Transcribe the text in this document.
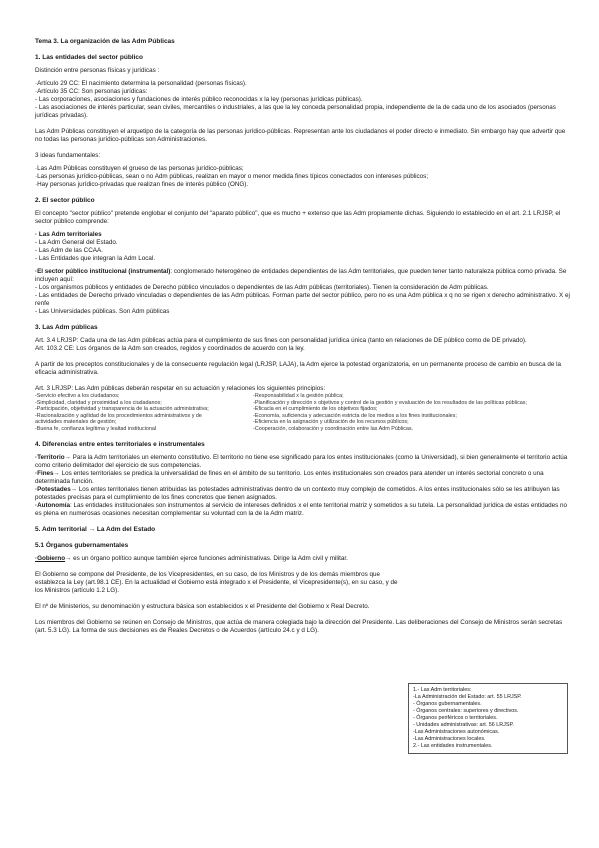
Tema 3. La organización de las Adm Públicas

1. Las entidades del sector público

Distinción entre personas físicas y jurídicas :

·Artículo 29 CC: El nacimiento determina la personalidad (personas físicas).

·Artículo 35 CC: Son personas jurídicas:

- Las corporaciones, asociaciones y fundaciones de interés público reconocidas x la ley (personas jurídicas públicas).

- Las asociaciones de interés particular, sean civiles, mercantiles o industriales, a las que la ley conceda personalidad propia, independiente de la de cada uno de los asociados (personas jurídicas privadas).

Las Adm Públicas constituyen el arquetipo de la categoría de las personas jurídico-públicas. Representan ante los ciudadanos el poder directo e inmediato. Sin embargo hay que advertir que no todas las personas jurídico-públicas son Administraciones.

3 ideas fundamentales:

·Las Adm Públicas constituyen el grueso de las personas jurídico-públicas;

·Las personas jurídico-públicas, sean o no Adm públicas, realizan en mayor o menor medida fines típicos conectados con intereses públicos;

·Hay personas jurídico-privadas que realizan fines de interés público (ONG).

2. El sector público

El concepto "sector público" pretende englobar el conjunto del "aparato público", que es mucho + extenso que las Adm propiamente dichas. Siguiendo lo establecido en el art. 2.1 LRJSP, el sector público comprende:

· Las Adm territoriales

- La Adm General del Estado.

- Las Adm de las CCAA.

- Las Entidades que integran la Adm Local.

·El sector público institucional (instrumental): conglomerado heterogéneo de entidades dependientes de las Adm territoriales, que pueden tener tanto naturaleza pública como privada. Se incluyen aquí:

- Los organismos públicos y entidades de Derecho público vinculados o dependientes de las Adm públicas (territoriales). Tienen la consideración de Adm públicas.

- Las entidades de Derecho privado vinculadas o dependientes de las Adm públicas. Forman parte del sector público, pero no es una Adm pública x q no se rigen x derecho administrativo. X ej renfe

- Las Universidades públicas. Son Adm públicas

3. Las Adm públicas

Art. 3.4 LRJSP: Cada una de las Adm públicas actúa para el cumplimiento de sus fines con personalidad jurídica única (tanto en relaciones de DE público como de DE privado).

Art. 103.2 CE: Los órganos de la Adm son creados, regidos y coordinados de acuerdo con la ley.

A partir de los preceptos constitucionales y de la consecuente regulación legal (LRJSP, LAJA), la Adm ejerce la potestad organizatoria, en un permanente proceso de cambio en busca de la eficacia administrativa.

Art. 3 LRJSP: Las Adm públicas deberán respetar en su actuación y relaciones los siguientes principios:

-Servicio efectivo a los ciudadanos;

-Simplicidad, claridad y proximidad a los ciudadanos;

-Participación, objetividad y transparencia de la actuación administrativa;

-Racionalización y agilidad de los procedimientos administrativos y de actividades materiales de gestión;

-Buena fe, confianza legítima y lealtad institucional

-Responsabilidad x la gestión pública;

-Planificación y dirección x objetivos y control de la gestión y evaluación de los resultados de las políticas públicas;

-Eficacia en el cumplimiento de los objetivos fijados;

-Economía, suficiencia y adecuación estricta de los medios a los fines institucionales;

-Eficiencia en la asignación y utilización de los recursos públicos;

-Cooperación, colaboración y coordinación entre las Adm Públicas.

4. Diferencias entre entes territoriales e instrumentales

·Territorio→ Para la Adm territoriales un elemento constitutivo. El territorio no tiene ese significado para los entes institucionales (como la Universidad), si bien generalmente el territorio actúa como criterio delimitador del ejercicio de sus competencias.

·Fines→ Los entes territoriales se predica la universalidad de fines en el ámbito de su territorio. Los entes institucionales son creados para atender un interés sectorial concreto o una determinada función.

·Potestades→ Los entes territoriales tienen atribuidas las potestades administrativas dentro de un contexto muy complejo de cometidos. A los entes institucionales sólo se les atribuyen las potestades precisas para el cumplimiento de los fines concretos que tienen asignados.

·Autonomía: Las entidades institucionales son instrumentos al servicio de intereses definidos x el ente territorial matriz y sometidos a su tutela. La personalidad jurídica de estas entidades no es plena en numerosas ocasiones necesitan complementar su voluntad con la de la Adm matriz.

5. Adm territorial → La Adm del Estado

5.1 Órganos gubernamentales

·Gobierno→ es un órgano político aunque también ejerce funciones administrativas. Dirige la Adm civil y militar.

El Gobierno se compone del Presidente, de los Vicepresidentes, en su caso, de los Ministros y de los demás miembros que establezca la Ley (art.98.1 CE). En la actualidad el Gobierno está integrado x el Presidente, el Vicepresidente(s), en su caso, y de los Ministros (artículo 1.2 LG).

El nº de Ministerios, su denominación y estructura básica son establecidos x el Presidente del Gobierno x Real Decreto.

Los miembros del Gobierno se reúnen en Consejo de Ministros, que actúa de manera colegiada bajo la dirección del Presidente. Las deliberaciones del Consejo de Ministros serán secretas (art. 5.3 LG). La forma de sus decisiones es de Reales Decretos o de Acuerdos (artículo 24.c y d LG).

1.- Las Adm territoriales:

-La Administración del Estado: art. 55 LRJSP.

- Órganos gubernamentales.

- Órganos centrales: superiores y directivos.

- Órganos periféricos o territoriales.

- Unidades administrativas: art. 56 LRJSP.

-Las Administraciones autonómicas.

-Las Administraciones locales.

2.- Las entidades instrumentales.
